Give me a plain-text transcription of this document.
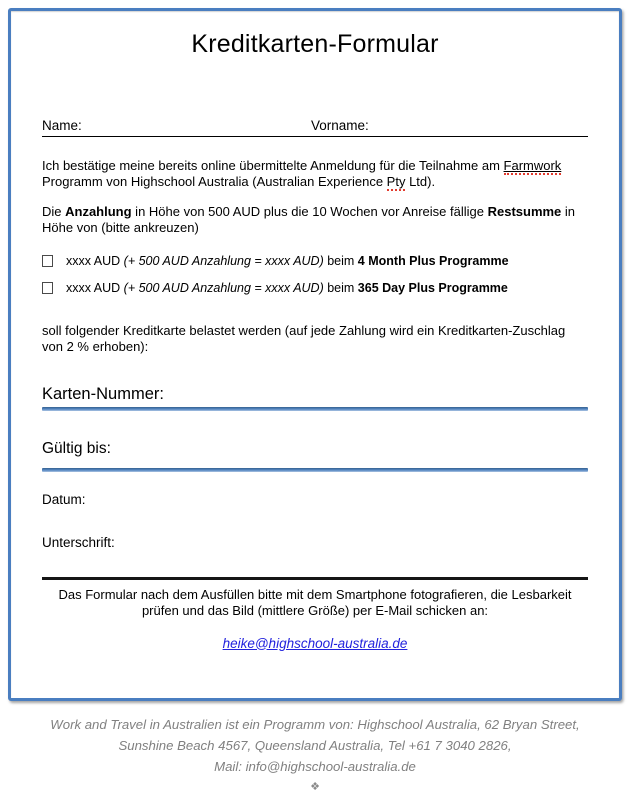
Kreditkarten-Formular
Name:	Vorname:

Ich bestätige meine bereits online übermittelte Anmeldung für die Teilnahme am Farmwork
Programm von Highschool Australia (Australian Experience Pty Ltd).

Die Anzahlung in Höhe von 500 AUD plus die 10 Wochen vor Anreise fällige Restsumme in
Höhe von (bitte ankreuzen)

xxxx AUD (+ 500 AUD Anzahlung = xxxx AUD) beim 4 Month Plus Programme

xxxx AUD (+ 500 AUD Anzahlung = xxxx AUD) beim 365 Day Plus Programme

soll folgender Kreditkarte belastet werden (auf jede Zahlung wird ein Kreditkarten-Zuschlag
von 2 % erhoben):

Karten-Nummer:

Gültig bis:

Datum:

Unterschrift:

Das Formular nach dem Ausfüllen bitte mit dem Smartphone fotografieren, die Lesbarkeit
prüfen und das Bild (mittlere Größe) per E-Mail schicken an:

heike@highschool-australia.de
Work and Travel in Australien ist ein Programm von: Highschool Australia, 62 Bryan Street,
Sunshine Beach 4567, Queensland Australia, Tel +61 7 3040 2826,
Mail: info@highschool-australia.de
❖
